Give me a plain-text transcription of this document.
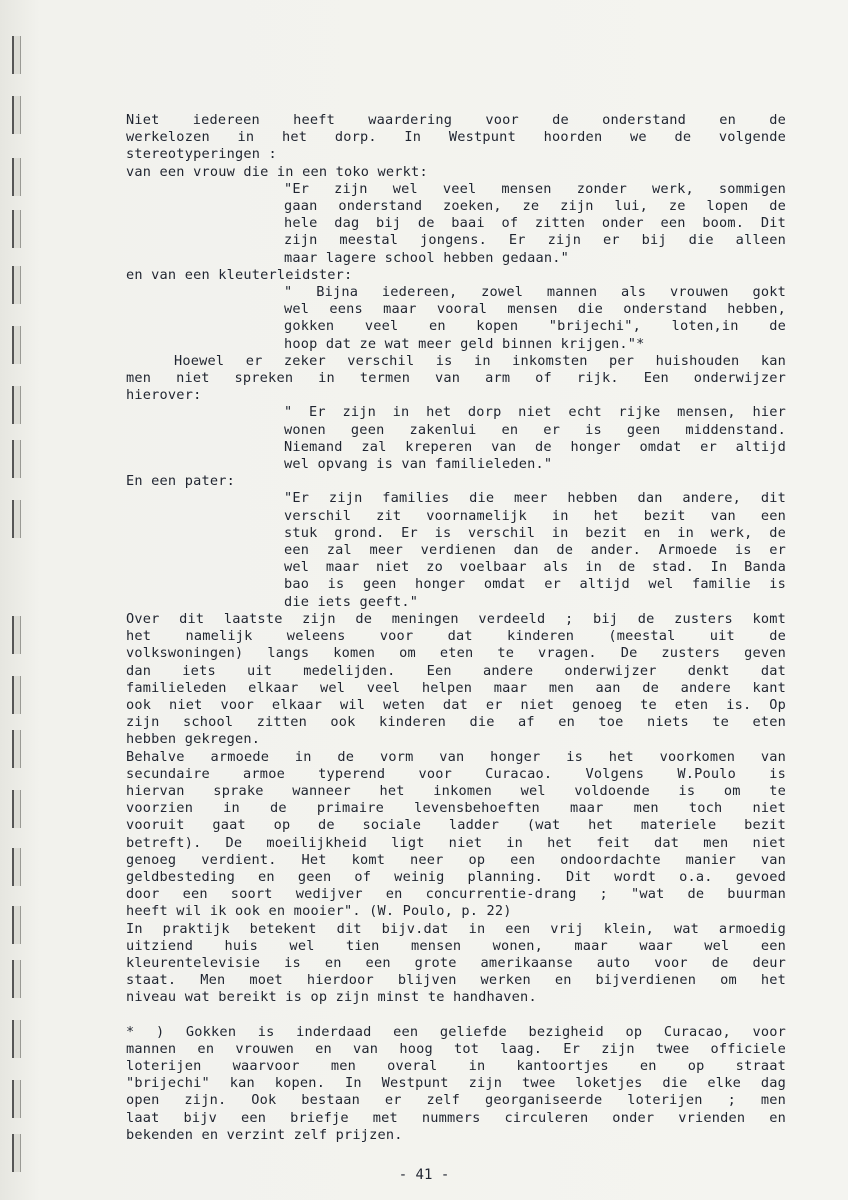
Niet iedereen heeft waardering voor de onderstand en de

werkelozen in het dorp. In Westpunt hoorden we de volgende

stereotyperingen :

van een vrouw die in een toko werkt:

"Er zijn wel veel mensen zonder werk, sommigen

gaan onderstand zoeken, ze zijn lui, ze lopen de

hele dag bij de baai of zitten onder een boom. Dit

zijn meestal jongens. Er zijn er bij die alleen

maar lagere school hebben gedaan."

en van een kleuterleidster:

" Bijna iedereen, zowel mannen als vrouwen gokt

wel eens maar vooral mensen die onderstand hebben,

gokken veel en kopen "brijechi", loten,in de

hoop dat ze wat meer geld binnen krijgen."*

Hoewel er zeker verschil is in inkomsten per huishouden kan

men niet spreken in termen van arm of rijk. Een onderwijzer

hierover:

" Er zijn in het dorp niet echt rijke mensen, hier

wonen geen zakenlui en er is geen middenstand.

Niemand zal kreperen van de honger omdat er altijd

wel opvang is van familieleden."

En een pater:

"Er zijn families die meer hebben dan andere, dit

verschil zit voornamelijk in het bezit van een

stuk grond. Er is verschil in bezit en in werk, de

een zal meer verdienen dan de ander. Armoede is er

wel maar niet zo voelbaar als in de stad. In Banda

bao is geen honger omdat er altijd wel familie is

die iets geeft."

Over dit laatste zijn de meningen verdeeld ; bij de zusters komt

het namelijk weleens voor dat kinderen (meestal uit de

volkswoningen) langs komen om eten te vragen. De zusters geven

dan iets uit medelijden. Een andere onderwijzer denkt dat

familieleden elkaar wel veel helpen maar men aan de andere kant

ook niet voor elkaar wil weten dat er niet genoeg te eten is. Op

zijn school zitten ook kinderen die af en toe niets te eten

hebben gekregen.

Behalve armoede in de vorm van honger is het voorkomen van

secundaire armoe typerend voor Curacao. Volgens W.Poulo is

hiervan sprake wanneer het inkomen wel voldoende is om te

voorzien in de primaire levensbehoeften maar men toch niet

vooruit gaat op de sociale ladder (wat het materiele bezit

betreft). De moeilijkheid ligt niet in het feit dat men niet

genoeg verdient. Het komt neer op een ondoordachte manier van

geldbesteding en geen of weinig planning. Dit wordt o.a. gevoed

door een soort wedijver en concurrentie-drang ; "wat de buurman

heeft wil ik ook en mooier". (W. Poulo, p. 22)

In praktijk betekent dit bijv.dat in een vrij klein, wat armoedig

uitziend huis wel tien mensen wonen, maar waar wel een

kleurentelevisie is en een grote amerikaanse auto voor de deur

staat. Men moet hierdoor blijven werken en bijverdienen om het

niveau wat bereikt is op zijn minst te handhaven.

* ) Gokken is inderdaad een geliefde bezigheid op Curacao, voor

mannen en vrouwen en van hoog tot laag. Er zijn twee officiele

loterijen waarvoor men overal in kantoortjes en op straat

"brijechi" kan kopen. In Westpunt zijn twee loketjes die elke dag

open zijn. Ook bestaan er zelf georganiseerde loterijen ; men

laat bijv een briefje met nummers circuleren onder vrienden en

bekenden en verzint zelf prijzen.

- 41 -
